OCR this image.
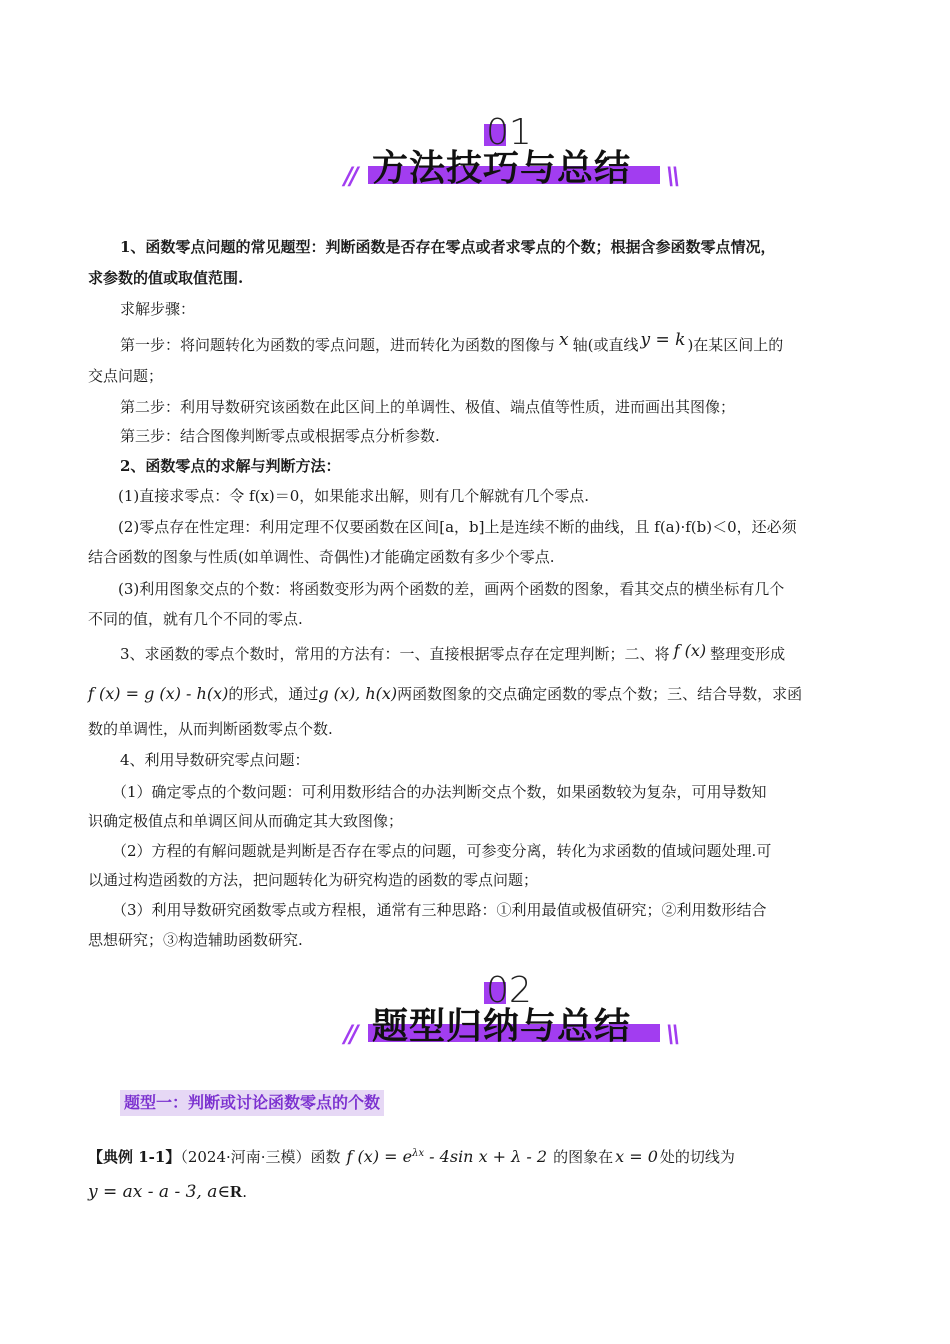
01
方法技巧与总结
//	\\
1、函数零点问题的常见题型：判断函数是否存在零点或者求零点的个数；根据含参函数零点情况，
求参数的值或取值范围.
求解步骤：
第一步：将问题转化为函数的零点问题，进而转化为函数的图像与 x 轴(或直线 y = k )在某区间上的
交点问题；
第二步：利用导数研究该函数在此区间上的单调性、极值、端点值等性质，进而画出其图像；
第三步：结合图像判断零点或根据零点分析参数.
2、函数零点的求解与判断方法：
(1)直接求零点：令 f(x)＝0，如果能求出解，则有几个解就有几个零点.
(2)零点存在性定理：利用定理不仅要函数在区间[a，b]上是连续不断的曲线，且 f(a)·f(b)＜0，还必须
结合函数的图象与性质(如单调性、奇偶性)才能确定函数有多少个零点.
(3)利用图象交点的个数：将函数变形为两个函数的差，画两个函数的图象，看其交点的横坐标有几个
不同的值，就有几个不同的零点.
3、求函数的零点个数时，常用的方法有：一、直接根据零点存在定理判断；二、将 f (x) 整理变形成
f (x) = g (x) - h(x)的形式，通过g (x), h(x)两函数图象的交点确定函数的零点个数；三、结合导数，求函
数的单调性，从而判断函数零点个数.
4、利用导数研究零点问题：
（1）确定零点的个数问题：可利用数形结合的办法判断交点个数，如果函数较为复杂，可用导数知
识确定极值点和单调区间从而确定其大致图像；
（2）方程的有解问题就是判断是否存在零点的问题，可参变分离，转化为求函数的值域问题处理.可
以通过构造函数的方法，把问题转化为研究构造的函数的零点问题；
（3）利用导数研究函数零点或方程根，通常有三种思路：①利用最值或极值研究；②利用数形结合
思想研究；③构造辅助函数研究.
02
题型归纳与总结
//	\\
题型一：判断或讨论函数零点的个数
【典例 1-1】（2024·河南·三模）函数 f $(x) = e^{\lambda x} - 4\sin$ x + λ - 2 的图象在 x = 0 处的切线为
y = ax - a - 3, a∈R.
